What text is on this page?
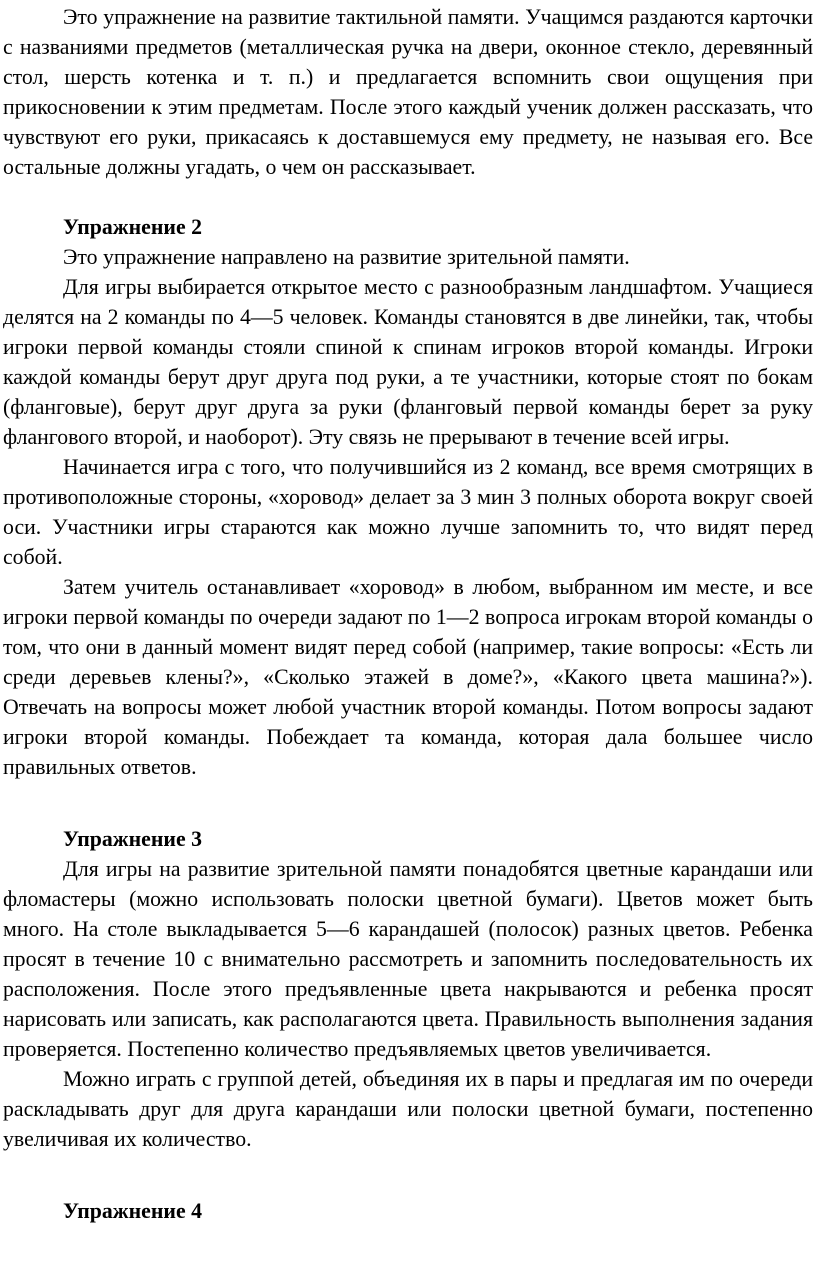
Это упражнение на развитие тактильной памяти. Учащимся раздаются карточки с названиями предметов (металлическая ручка на двери, оконное стекло, деревянный стол, шерсть котенка и т. п.) и предлагается вспомнить свои ощущения при прикосновении к этим предметам. После этого каждый ученик должен рассказать, что чувствуют его руки, прикасаясь к доставшемуся ему предмету, не называя его. Все остальные должны угадать, о чем он рассказывает.

Упражнение 2

Это упражнение направлено на развитие зрительной памяти.

Для игры выбирается открытое место с разнообразным ландшафтом. Учащиеся делятся на 2 команды по 4—5 человек. Команды становятся в две линейки, так, чтобы игроки первой команды стояли спиной к спинам игроков второй команды. Игроки каждой команды берут друг друга под руки, а те участники, которые стоят по бокам (фланговые), берут друг друга за руки (фланговый первой команды берет за руку флангового второй, и наоборот). Эту связь не прерывают в течение всей игры.

Начинается игра с того, что получившийся из 2 команд, все время смотрящих в противоположные стороны, «хоровод» делает за 3 мин 3 полных оборота вокруг своей оси. Участники игры стараются как можно лучше запомнить то, что видят перед собой.

Затем учитель останавливает «хоровод» в любом, выбранном им месте, и все игроки первой команды по очереди задают по 1—2 вопроса игрокам второй команды о том, что они в данный момент видят перед собой (например, такие вопросы: «Есть ли среди деревьев клены?», «Сколько этажей в доме?», «Какого цвета машина?»). Отвечать на вопросы может любой участник второй команды. Потом вопросы задают игроки второй команды. Побеждает та команда, которая дала большее число правильных ответов.

Упражнение 3

Для игры на развитие зрительной памяти понадобятся цветные карандаши или фломастеры (можно использовать полоски цветной бумаги). Цветов может быть много. На столе выкладывается 5—6 карандашей (полосок) разных цветов. Ребенка просят в течение 10 с внимательно рассмотреть и запомнить последовательность их расположения. После этого предъявленные цвета накрываются и ребенка просят нарисовать или записать, как располагаются цвета. Правильность выполнения задания проверяется. Постепенно количество предъявляемых цветов увеличивается.

Можно играть с группой детей, объединяя их в пары и предлагая им по очереди раскладывать друг для друга карандаши или полоски цветной бумаги, постепенно увеличивая их количество.

Упражнение 4
